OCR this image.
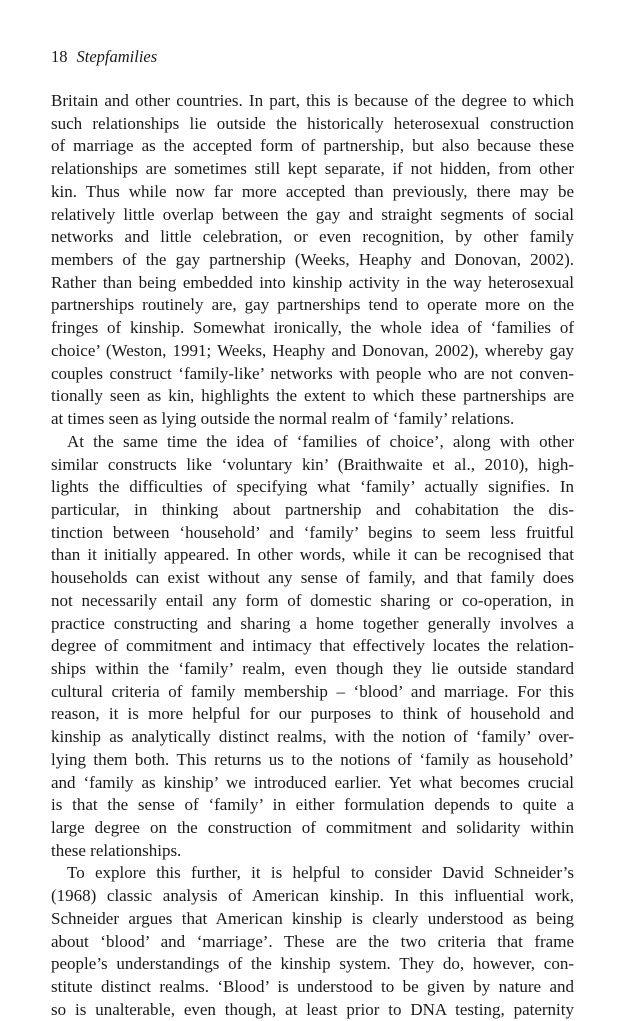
18 Stepfamilies
Britain and other countries. In part, this is because of the degree to which
such relationships lie outside the historically heterosexual construction
of marriage as the accepted form of partnership, but also because these
relationships are sometimes still kept separate, if not hidden, from other
kin. Thus while now far more accepted than previously, there may be
relatively little overlap between the gay and straight segments of social
networks and little celebration, or even recognition, by other family
members of the gay partnership (Weeks, Heaphy and Donovan, 2002).
Rather than being embedded into kinship activity in the way heterosexual
partnerships routinely are, gay partnerships tend to operate more on the
fringes of kinship. Somewhat ironically, the whole idea of ‘families of
choice’ (Weston, 1991; Weeks, Heaphy and Donovan, 2002), whereby gay
couples construct ‘family-like’ networks with people who are not conven-
tionally seen as kin, highlights the extent to which these partnerships are
at times seen as lying outside the normal realm of ‘family’ relations.
At the same time the idea of ‘families of choice’, along with other
similar constructs like ‘voluntary kin’ (Braithwaite et al., 2010), high-
lights the difficulties of specifying what ‘family’ actually signifies. In
particular, in thinking about partnership and cohabitation the dis-
tinction between ‘household’ and ‘family’ begins to seem less fruitful
than it initially appeared. In other words, while it can be recognised that
households can exist without any sense of family, and that family does
not necessarily entail any form of domestic sharing or co-operation, in
practice constructing and sharing a home together generally involves a
degree of commitment and intimacy that effectively locates the relation-
ships within the ‘family’ realm, even though they lie outside standard
cultural criteria of family membership – ‘blood’ and marriage. For this
reason, it is more helpful for our purposes to think of household and
kinship as analytically distinct realms, with the notion of ‘family’ over-
lying them both. This returns us to the notions of ‘family as household’
and ‘family as kinship’ we introduced earlier. Yet what becomes crucial
is that the sense of ‘family’ in either formulation depends to quite a
large degree on the construction of commitment and solidarity within
these relationships.
To explore this further, it is helpful to consider David Schneider’s
(1968) classic analysis of American kinship. In this influential work,
Schneider argues that American kinship is clearly understood as being
about ‘blood’ and ‘marriage’. These are the two criteria that frame
people’s understandings of the kinship system. They do, however, con-
stitute distinct realms. ‘Blood’ is understood to be given by nature and
so is unalterable, even though, at least prior to DNA testing, paternity
